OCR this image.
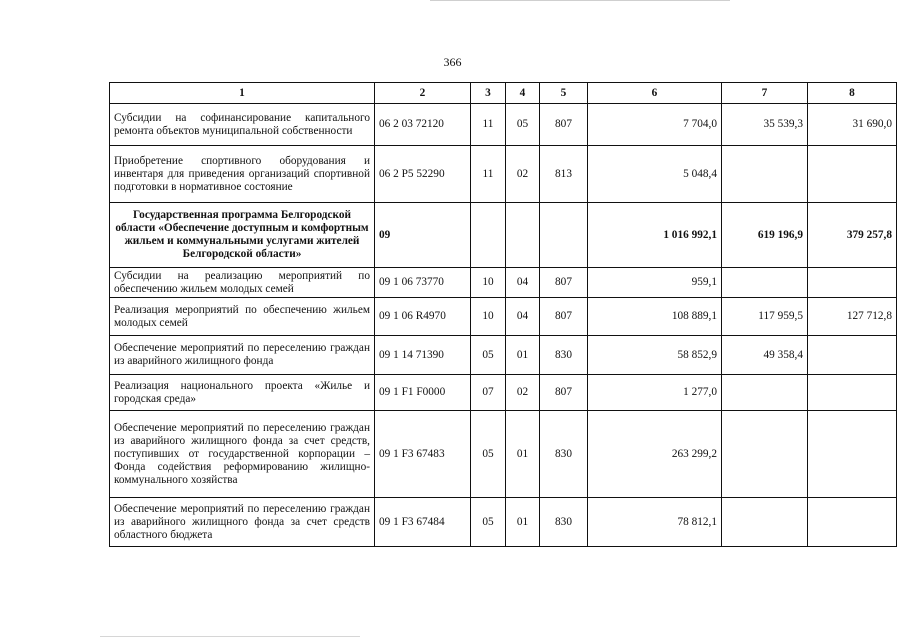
366
1	2	3	4	5	6	7	8
Субсидии на софинансирование капитального ремонта объектов муниципальной собственности	06 2 03 72120	11	05	807	7 704,0	35 539,3	31 690,0
Приобретение спортивного оборудования и инвентаря для приведения организаций спортивной подготовки в нормативное состояние	06 2 P5 52290	11	02	813	5 048,4		
Государственная программа Белгородской области «Обеспечение доступным и комфортным жильем и коммунальными услугами жителей Белгородской области»	09				1 016 992,1	619 196,9	379 257,8
Субсидии на реализацию мероприятий по обеспечению жильем молодых семей	09 1 06 73770	10	04	807	959,1		
Реализация мероприятий по обеспечению жильем молодых семей	09 1 06 R4970	10	04	807	108 889,1	117 959,5	127 712,8
Обеспечение мероприятий по переселению граждан из аварийного жилищного фонда	09 1 14 71390	05	01	830	58 852,9	49 358,4	
Реализация национального проекта «Жилье и городская среда»	09 1 F1 F0000	07	02	807	1 277,0		
Обеспечение мероприятий по переселению граждан из аварийного жилищного фонда за счет средств, поступивших от государственной корпорации – Фонда содействия реформированию жилищно-коммунального хозяйства	09 1 F3 67483	05	01	830	263 299,2		
Обеспечение мероприятий по переселению граждан из аварийного жилищного фонда за счет средств областного бюджета	09 1 F3 67484	05	01	830	78 812,1		
